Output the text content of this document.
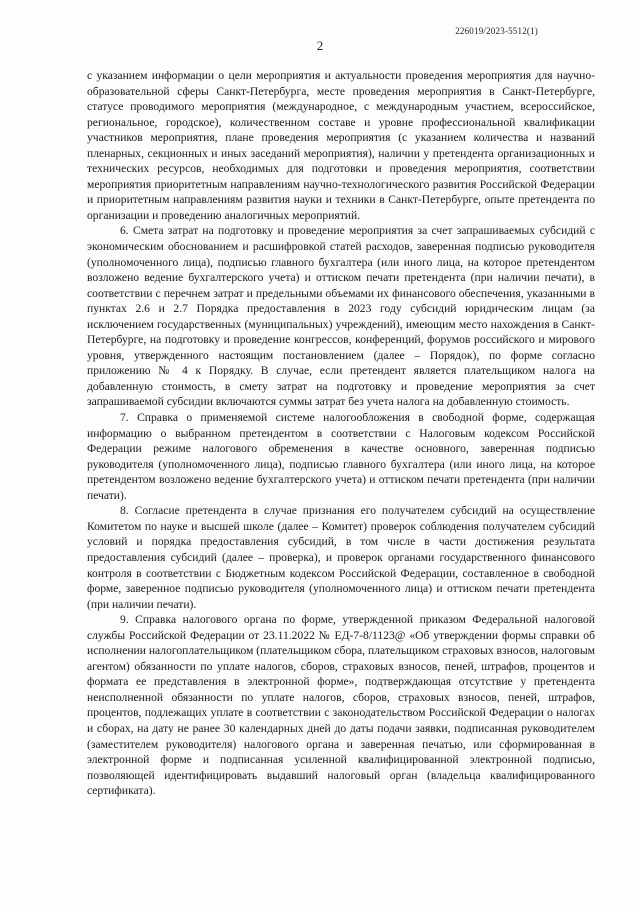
226019/2023-5512(1)
2

с указанием информации о цели мероприятия и актуальности проведения мероприятия для научно-образовательной сферы Санкт-Петербурга, месте проведения мероприятия в Санкт-Петербурге, статусе проводимого мероприятия (международное, с международным участием, всероссийское, региональное, городское), количественном составе и уровне профессиональной квалификации участников мероприятия, плане проведения мероприятия (с указанием количества и названий пленарных, секционных и иных заседаний мероприятия), наличии у претендента организационных и технических ресурсов, необходимых для подготовки и проведения мероприятия, соответствии мероприятия приоритетным направлениям научно-технологического развития Российской Федерации и приоритетным направлениям развития науки и техники в Санкт-Петербурге, опыте претендента по организации и проведению аналогичных мероприятий.

6. Смета затрат на подготовку и проведение мероприятия за счет запрашиваемых субсидий с экономическим обоснованием и расшифровкой статей расходов, заверенная подписью руководителя (уполномоченного лица), подписью главного бухгалтера (или иного лица, на которое претендентом возложено ведение бухгалтерского учета) и оттиском печати претендента (при наличии печати), в соответствии с перечнем затрат и предельными объемами их финансового обеспечения, указанными в пунктах 2.6 и 2.7 Порядка предоставления в 2023 году субсидий юридическим лицам (за исключением государственных (муниципальных) учреждений), имеющим место нахождения в Санкт-Петербурге, на подготовку и проведение конгрессов, конференций, форумов российского и мирового уровня, утвержденного настоящим постановлением (далее – Порядок), по форме согласно приложению № 4 к Порядку. В случае, если претендент является плательщиком налога на добавленную стоимость, в смету затрат на подготовку и проведение мероприятия за счет запрашиваемой субсидии включаются суммы затрат без учета налога на добавленную стоимость.

7. Справка о применяемой системе налогообложения в свободной форме, содержащая информацию о выбранном претендентом в соответствии с Налоговым кодексом Российской Федерации режиме налогового обременения в качестве основного, заверенная подписью руководителя (уполномоченного лица), подписью главного бухгалтера (или иного лица, на которое претендентом возложено ведение бухгалтерского учета) и оттиском печати претендента (при наличии печати).

8. Согласие претендента в случае признания его получателем субсидий на осуществление Комитетом по науке и высшей школе (далее – Комитет) проверок соблюдения получателем субсидий условий и порядка предоставления субсидий, в том числе в части достижения результата предоставления субсидий (далее – проверка), и проверок органами государственного финансового контроля в соответствии с Бюджетным кодексом Российской Федерации, составленное в свободной форме, заверенное подписью руководителя (уполномоченного лица) и оттиском печати претендента (при наличии печати).

9. Справка налогового органа по форме, утвержденной приказом Федеральной налоговой службы Российской Федерации от 23.11.2022 № ЕД-7-8/1123@ «Об утверждении формы справки об исполнении налогоплательщиком (плательщиком сбора, плательщиком страховых взносов, налоговым агентом) обязанности по уплате налогов, сборов, страховых взносов, пеней, штрафов, процентов и формата ее представления в электронной форме», подтверждающая отсутствие у претендента неисполненной обязанности по уплате налогов, сборов, страховых взносов, пеней, штрафов, процентов, подлежащих уплате в соответствии с законодательством Российской Федерации о налогах и сборах, на дату не ранее 30 календарных дней до даты подачи заявки, подписанная руководителем (заместителем руководителя) налогового органа и заверенная печатью, или сформированная в электронной форме и подписанная усиленной квалифицированной электронной подписью, позволяющей идентифицировать выдавший налоговый орган (владельца квалифицированного сертификата).
